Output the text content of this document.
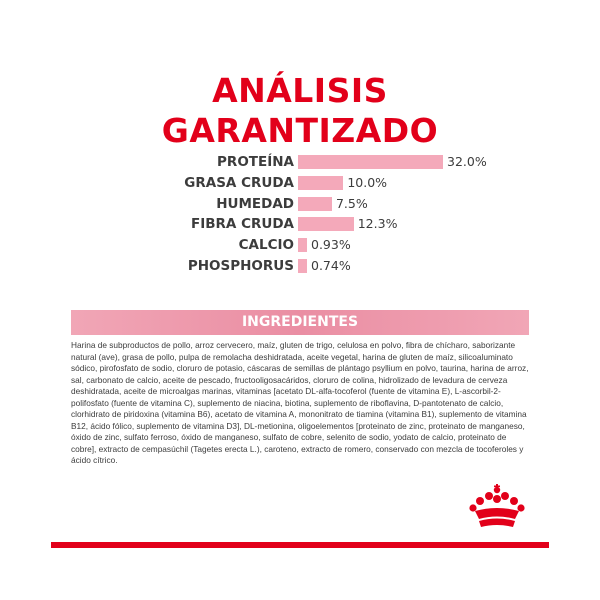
ANÁLISIS
GARANTIZADO
PROTEÍNA	32.0%
GRASA CRUDA	10.0%
HUMEDAD	7.5%
FIBRA CRUDA	12.3%
CALCIO 0.93%
PHOSPHORUS 0.74%
INGREDIENTES
Harina de subproductos de pollo, arroz cervecero, maíz, gluten de trigo, celulosa en polvo, fibra de chícharo, saborizante natural (ave), grasa de pollo, pulpa de remolacha deshidratada, aceite vegetal, harina de gluten de maíz, silicoaluminato sódico, pirofosfato de sodio, cloruro de potasio, cáscaras de semillas de plántago psyllium en polvo, taurina, harina de arroz, sal, carbonato de calcio, aceite de pescado, fructooligosacáridos, cloruro de colina, hidrolizado de levadura de cerveza deshidratada, aceite de microalgas marinas, vitaminas [acetato DL-alfa-tocoferol (fuente de vitamina E), L-ascorbil-2-polifosfato (fuente de vitamina C), suplemento de niacina, biotina, suplemento de riboflavina, D-pantotenato de calcio, clorhidrato de piridoxina (vitamina B6), acetato de vitamina A, mononitrato de tiamina (vitamina B1), suplemento de vitamina B12, ácido fólico, suplemento de vitamina D3], DL-metionina, oligoelementos [proteinato de zinc, proteinato de manganeso, óxido de zinc, sulfato ferroso, óxido de manganeso, sulfato de cobre, selenito de sodio, yodato de calcio, proteinato de cobre], extracto de cempasúchil (Tagetes erecta L.), caroteno, extracto de romero, conservado con mezcla de tocoferoles y ácido cítrico.
